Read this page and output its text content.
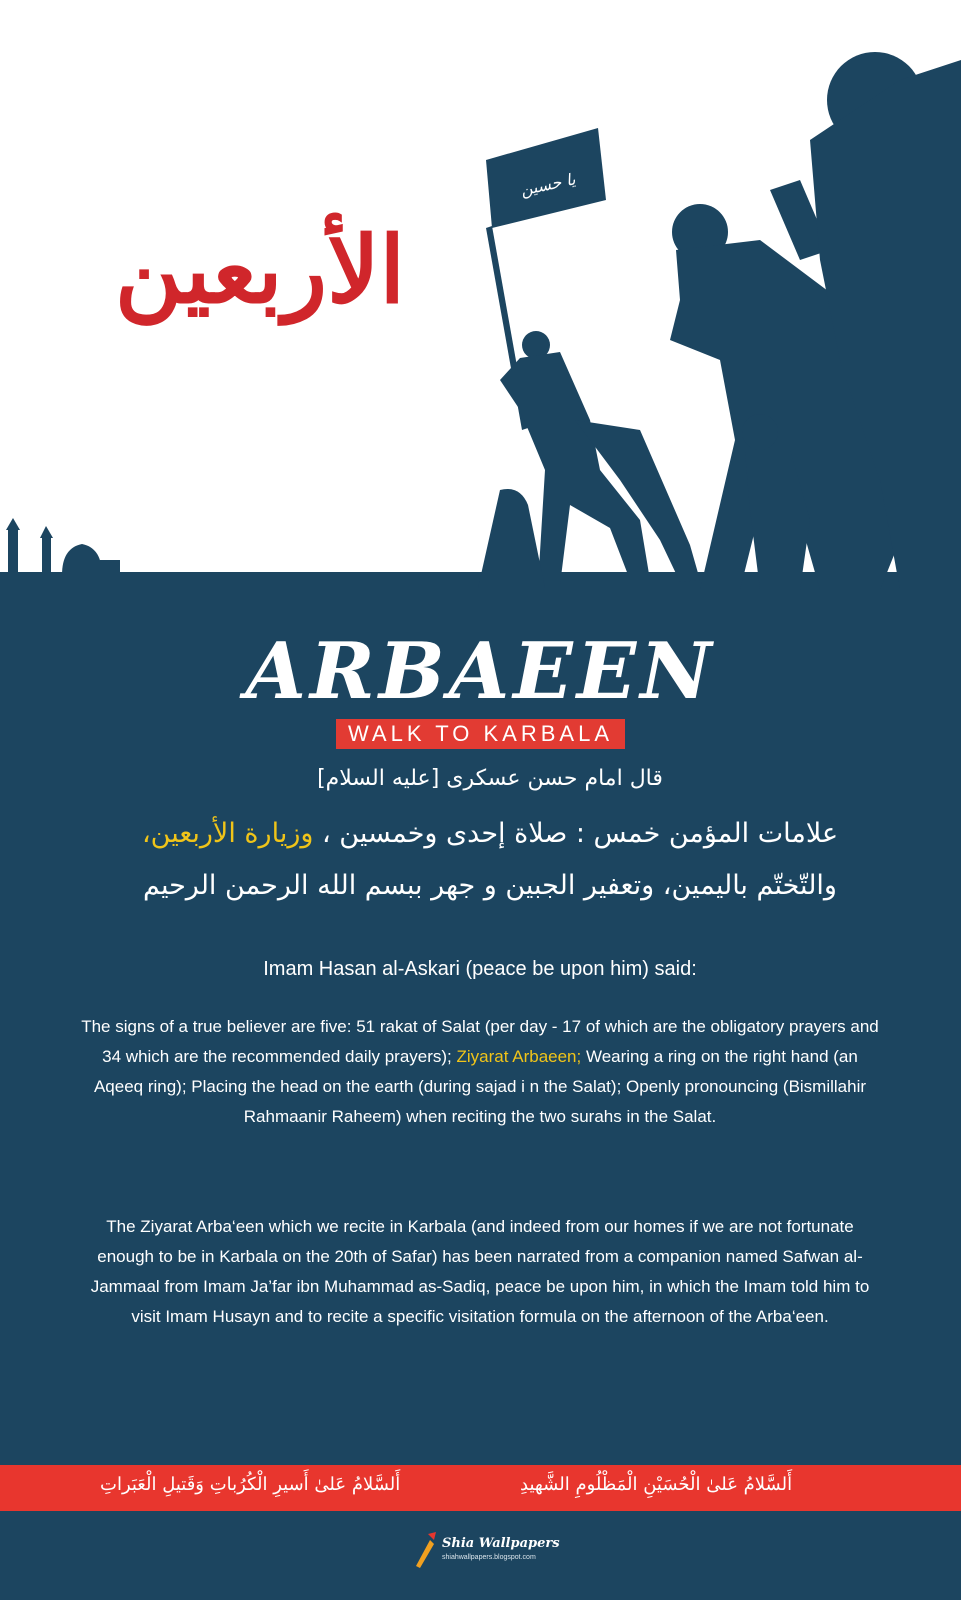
يا حسين
الأربعين
ARBAEEN
WALK TO KARBALA
قال امام حسن عسکری [علیه السلام]
علامات المؤمن خمس : صلاة إحدى وخمسين ، وزيارة الأربعين،
والتّختّم باليمين، وتعفير الجبين و جهر ببسم الله الرحمن الرحيم
Imam Hasan al-Askari (peace be upon him) said:
The signs of a true believer are five: 51 rakat of Salat (per day - 17 of which are the obligatory prayers and 34 which are the recommended daily prayers); Ziyarat Arbaeen; Wearing a ring on the right hand (an Aqeeq ring); Placing the head on the earth (during sajad i n the Salat); Openly pronouncing (Bismillahir Rahmaanir Raheem) when reciting the two surahs in the Salat.
The Ziyarat Arba‘een which we recite in Karbala (and indeed from our homes if we are not fortunate enough to be in Karbala on the 20th of Safar) has been narrated from a companion named Safwan al-Jammaal from Imam Ja’far ibn Muhammad as-Sadiq, peace be upon him, in which the Imam told him to visit Imam Husayn and to recite a specific visitation formula on the afternoon of the Arba‘een.
أَلسَّلامُ عَلىٰ أَسيرِ الْكُرُباتِ وَقَتيلِ الْعَبَراتِ	أَلسَّلامُ عَلىٰ الْحُسَيْنِ الْمَظْلُومِ الشَّهيدِ
Shia Wallpapers
shiahwallpapers.blogspot.com
